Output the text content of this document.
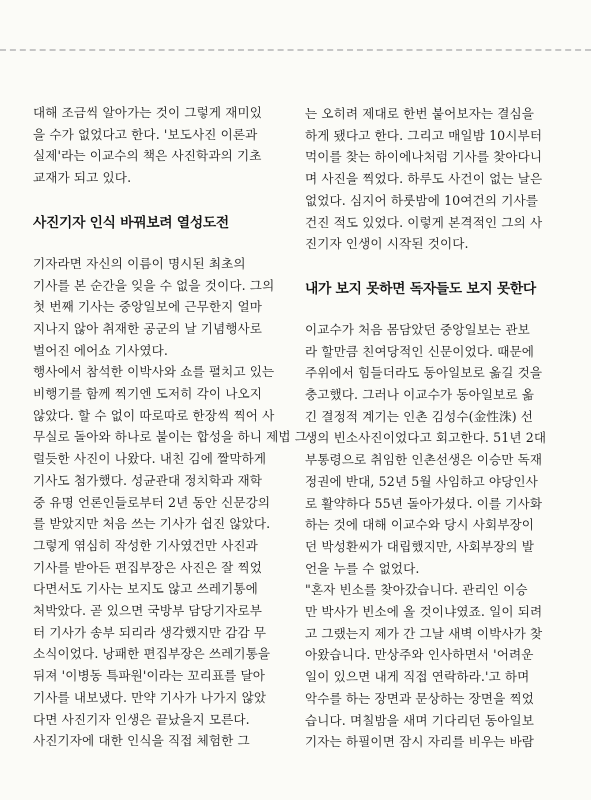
대해 조금씩 알아가는 것이 그렇게 재미있

을 수가 없었다고 한다. '보도사진 이론과

실제'라는 이교수의 책은 사진학과의 기초

교재가 되고 있다.

사진기자 인식 바꿔보려 열성도전

기자라면 자신의 이름이 명시된 최초의

기사를 본 순간을 잊을 수 없을 것이다. 그의

첫 번째 기사는 중앙일보에 근무한지 얼마

지나지 않아 취재한 공군의 날 기념행사로

벌어진 에어쇼 기사였다.

행사에서 참석한 이박사와 쇼를 펼치고 있는

비행기를 함께 찍기엔 도저히 각이 나오지

않았다. 할 수 없이 따로따로 한장씩 찍어 사

무실로 돌아와 하나로 붙이는 합성을 하니 제법 그

럴듯한 사진이 나왔다. 내친 김에 짤막하게

기사도 첨가했다. 성균관대 정치학과 재학

중 유명 언론인들로부터 2년 동안 신문강의

를 받았지만 처음 쓰는 기사가 쉽진 않았다.

그렇게 엮심히 작성한 기사였건만 사진과

기사를 받아든 편집부장은 사진은 잘 찍었

다면서도 기사는 보지도 않고 쓰레기통에

처박았다. 곧 있으면 국방부 담당기자로부

터 기사가 송부 되리라 생각했지만 감감 무

소식이었다. 낭패한 편집부장은 쓰레기통을

뒤져 '이병동 특파원'이라는 꼬리표를 달아

기사를 내보냈다. 만약 기사가 나가지 않았

다면 사진기자 인생은 끝났을지 모른다.

사진기자에 대한 인식을 직접 체험한 그

는 오히려 제대로 한번 붙어보자는 결심을

하게 됐다고 한다. 그리고 매일밤 10시부터

먹이를 찾는 하이에나처럼 기사를 찾아다니

며 사진을 찍었다. 하루도 사건이 없는 날은

없었다. 심지어 하룻밤에 10여건의 기사를

건진 적도 있었다. 이렇게 본격적인 그의 사

진기자 인생이 시작된 것이다.

내가 보지 못하면 독자들도 보지 못한다

이교수가 처음 몸담았던 중앙일보는 관보

라 할만큼 친여당적인 신문이었다. 때문에

주위에서 힘들더라도 동아일보로 옮길 것을

충고했다. 그러나 이교수가 동아일보로 옮

긴 결정적 계기는 인촌 김성수(金性洙) 선

생의 빈소사진이었다고 회고한다. 51년 2대

부통령으로 취임한 인촌선생은 이승만 독재

정권에 반대, 52년 5월 사임하고 야당인사

로 활약하다 55년 돌아가셨다. 이를 기사화

하는 것에 대해 이교수와 당시 사회부장이

던 박성환씨가 대립했지만, 사회부장의 발

언을 누를 수 없었다.

"혼자 빈소를 찾아갔습니다. 관리인 이승

만 박사가 빈소에 올 것이냐였죠. 일이 되려

고 그랬는지 제가 간 그날 새벽 이박사가 찾

아왔습니다. 만상주와 인사하면서 '어려운

일이 있으면 내게 직접 연락하라.'고 하며

악수를 하는 장면과 문상하는 장면을 찍었

습니다. 며칠밤을 새며 기다리던 동아일보

기자는 하필이면 잠시 자리를 비우는 바람
